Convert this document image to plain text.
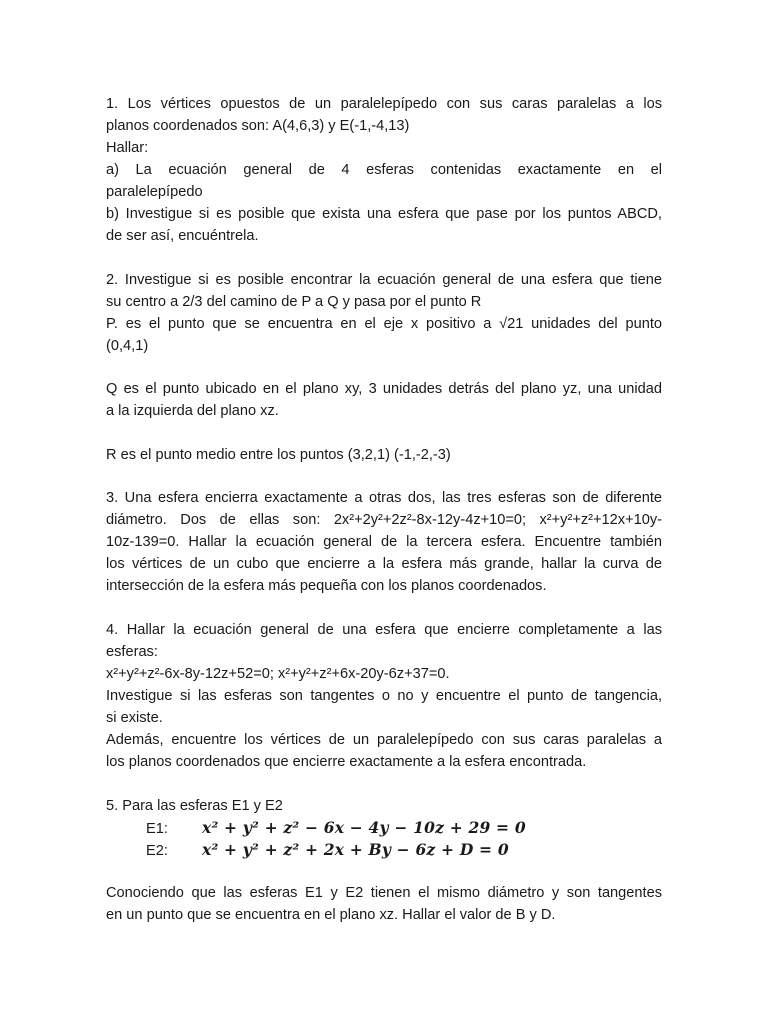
1. Los vértices opuestos de un paralelepípedo con sus caras paralelas a los
planos coordenados son: A(4,6,3) y E(-1,-4,13)
Hallar:
a) La ecuación general de 4 esferas contenidas exactamente en el
paralelepípedo
b) Investigue si es posible que exista una esfera que pase por los puntos ABCD,
de ser así, encuéntrela.
2. Investigue si es posible encontrar la ecuación general de una esfera que tiene
su centro a 2/3 del camino de P a Q y pasa por el punto R
P. es el punto que se encuentra en el eje x positivo a √21 unidades del punto
(0,4,1)
Q es el punto ubicado en el plano xy, 3 unidades detrás del plano yz, una unidad
a la izquierda del plano xz.
R es el punto medio entre los puntos (3,2,1) (-1,-2,-3)
3. Una esfera encierra exactamente a otras dos, las tres esferas son de diferente
diámetro. Dos de ellas son: 2x²+2y²+2z²-8x-12y-4z+10=0; x²+y²+z²+12x+10y-
10z-139=0. Hallar la ecuación general de la tercera esfera. Encuentre también
los vértices de un cubo que encierre a la esfera más grande, hallar la curva de
intersección de la esfera más pequeña con los planos coordenados.
4. Hallar la ecuación general de una esfera que encierre completamente a las
esferas:
x²+y²+z²-6x-8y-12z+52=0; x²+y²+z²+6x-20y-6z+37=0.
Investigue si las esferas son tangentes o no y encuentre el punto de tangencia,
si existe.
Además, encuentre los vértices de un paralelepípedo con sus caras paralelas a
los planos coordenados que encierre exactamente a la esfera encontrada.
5. Para las esferas E1 y E2
E1:	x² + y² + z² − 6x − 4y − 10z + 29 = 0
E2:	x² + y² + z² + 2x + By − 6z + D = 0
Conociendo que las esferas E1 y E2 tienen el mismo diámetro y son tangentes
en un punto que se encuentra en el plano xz. Hallar el valor de B y D.
